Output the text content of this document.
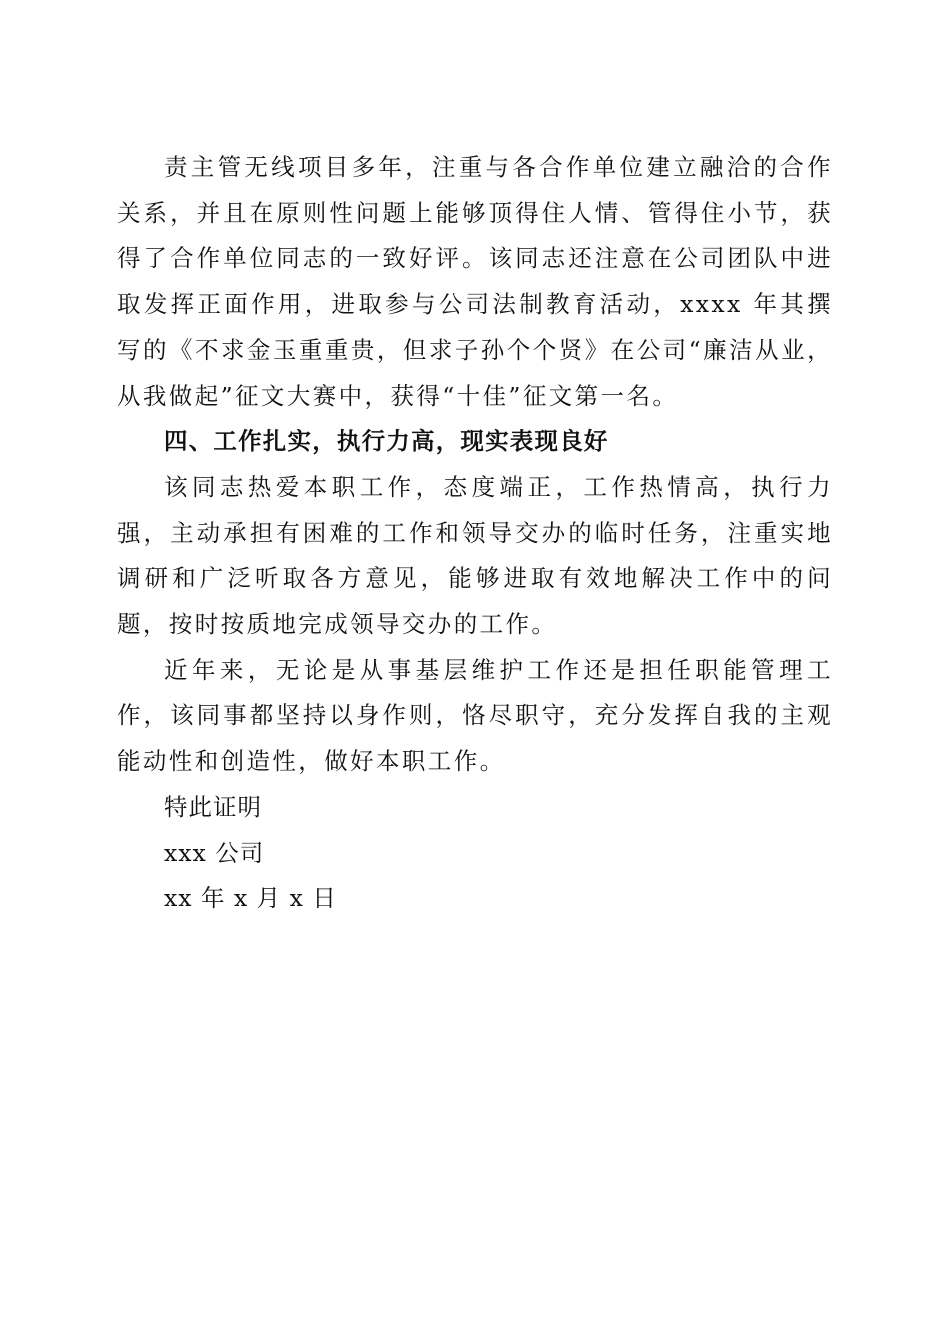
责主管无线项目多年，注重与各合作单位建立融洽的合作关系，并且在原则性问题上能够顶得住人情、管得住小节，获得了合作单位同志的一致好评。该同志还注意在公司团队中进取发挥正面作用，进取参与公司法制教育活动，xxxx 年其撰写的《不求金玉重重贵，但求子孙个个贤》在公司“廉洁从业，从我做起”征文大赛中，获得“十佳”征文第一名。

四、工作扎实，执行力高，现实表现良好

该同志热爱本职工作，态度端正，工作热情高，执行力强，主动承担有困难的工作和领导交办的临时任务，注重实地调研和广泛听取各方意见，能够进取有效地解决工作中的问题，按时按质地完成领导交办的工作。

近年来，无论是从事基层维护工作还是担任职能管理工作，该同事都坚持以身作则，恪尽职守，充分发挥自我的主观能动性和创造性，做好本职工作。

特此证明

xxx 公司

xx 年 x 月 x 日
